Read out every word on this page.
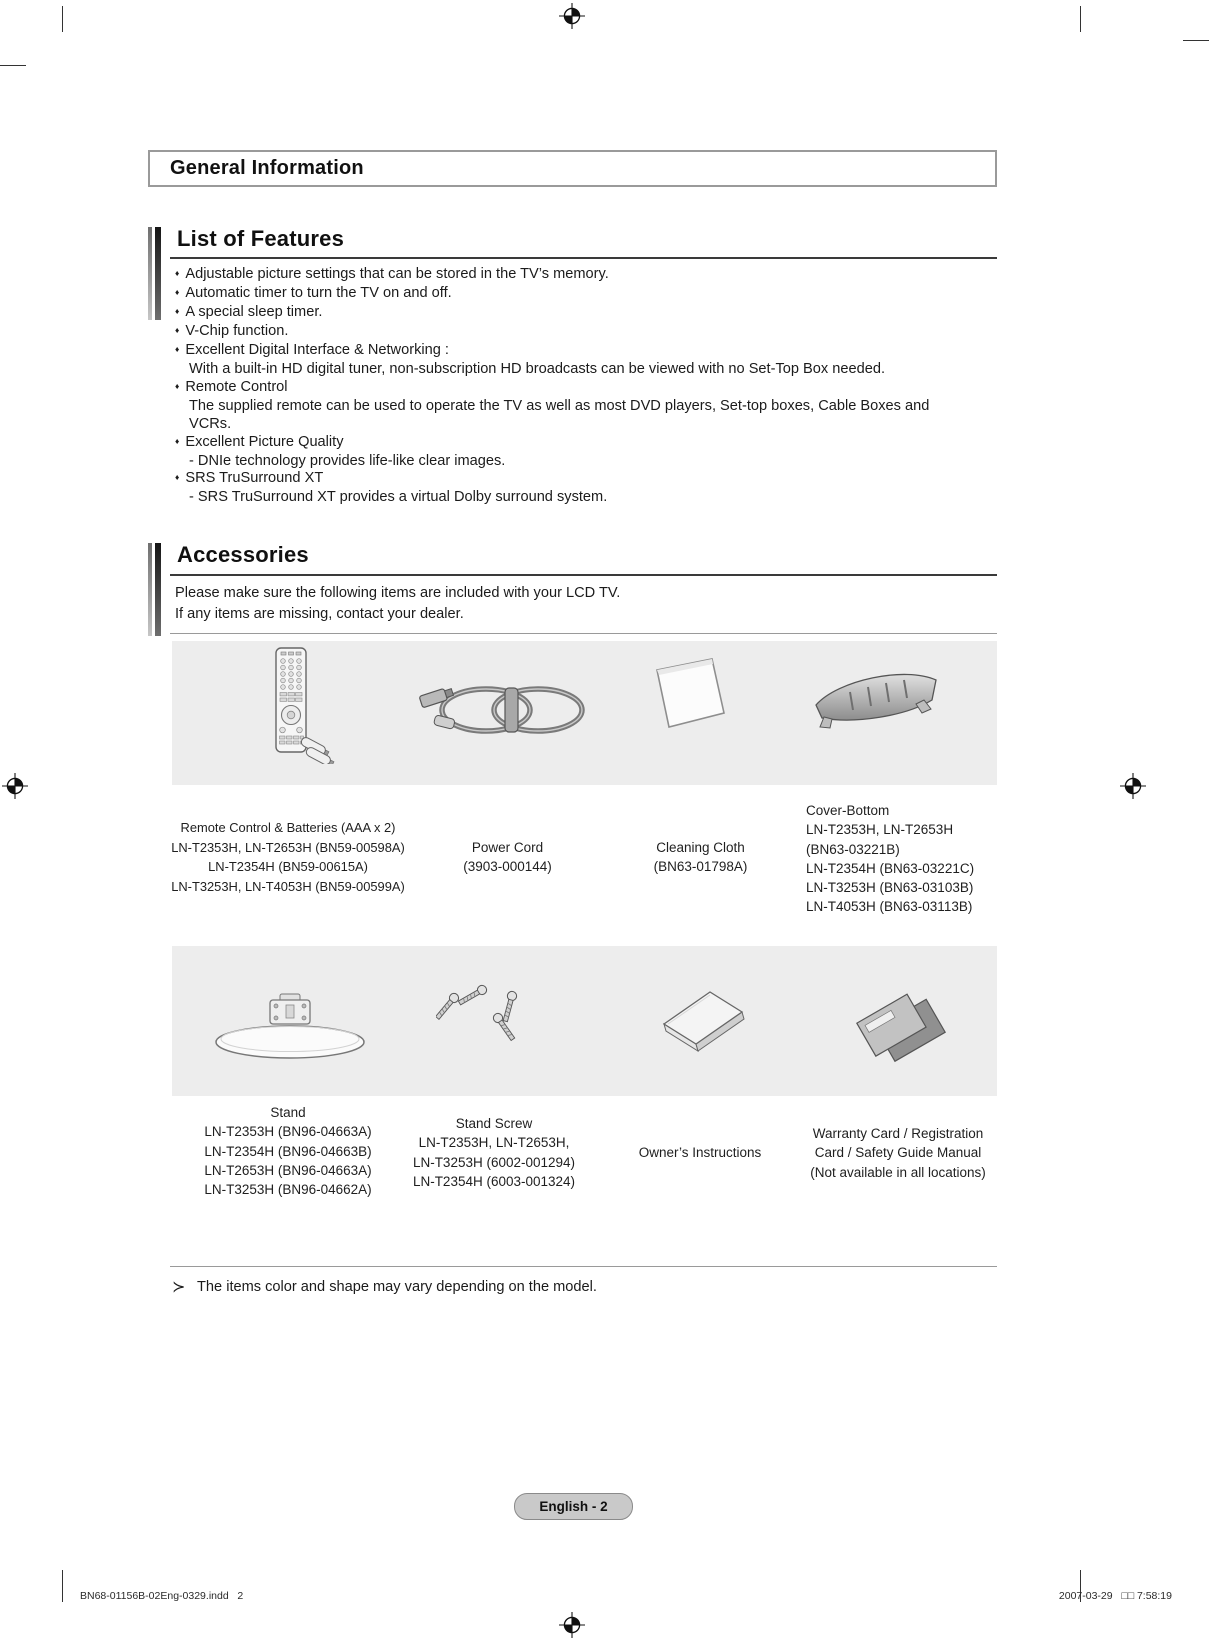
General Information
List of Features
♦ Adjustable picture settings that can be stored in the TV’s memory.
♦ Automatic timer to turn the TV on and off.
♦ A special sleep timer.
♦ V-Chip function.
♦ Excellent Digital Interface & Networking :
With a built-in HD digital tuner, non-subscription HD broadcasts can be viewed with no Set-Top Box needed.
♦ Remote Control
The supplied remote can be used to operate the TV as well as most DVD players, Set-top boxes, Cable Boxes and
VCRs.
♦ Excellent Picture Quality
- DNIe technology provides life-like clear images.
♦ SRS TruSurround XT
- SRS TruSurround XT provides a virtual Dolby surround system.
Accessories
Please make sure the following items are included with your LCD TV.
If any items are missing, contact your dealer.
Remote Control & Batteries (AAA x 2)
LN-T2353H, LN-T2653H (BN59-00598A)
LN-T2354H (BN59-00615A)
LN-T3253H, LN-T4053H (BN59-00599A)
Power Cord
(3903-000144)
Cleaning Cloth
(BN63-01798A)
Cover-Bottom
LN-T2353H, LN-T2653H
(BN63-03221B)
LN-T2354H (BN63-03221C)
LN-T3253H (BN63-03103B)
LN-T4053H (BN63-03113B)
Stand
LN-T2353H (BN96-04663A)
LN-T2354H (BN96-04663B)
LN-T2653H (BN96-04663A)
LN-T3253H (BN96-04662A)
Stand Screw
LN-T2353H, LN-T2653H,
LN-T3253H (6002-001294)
LN-T2354H (6003-001324)
Owner’s Instructions
Warranty Card / Registration
Card / Safety Guide Manual
(Not available in all locations)
≻ The items color and shape may vary depending on the model.
English - 2
BN68-01156B-02Eng-0329.indd   2	2007-03-29   □□ 7:58:19
